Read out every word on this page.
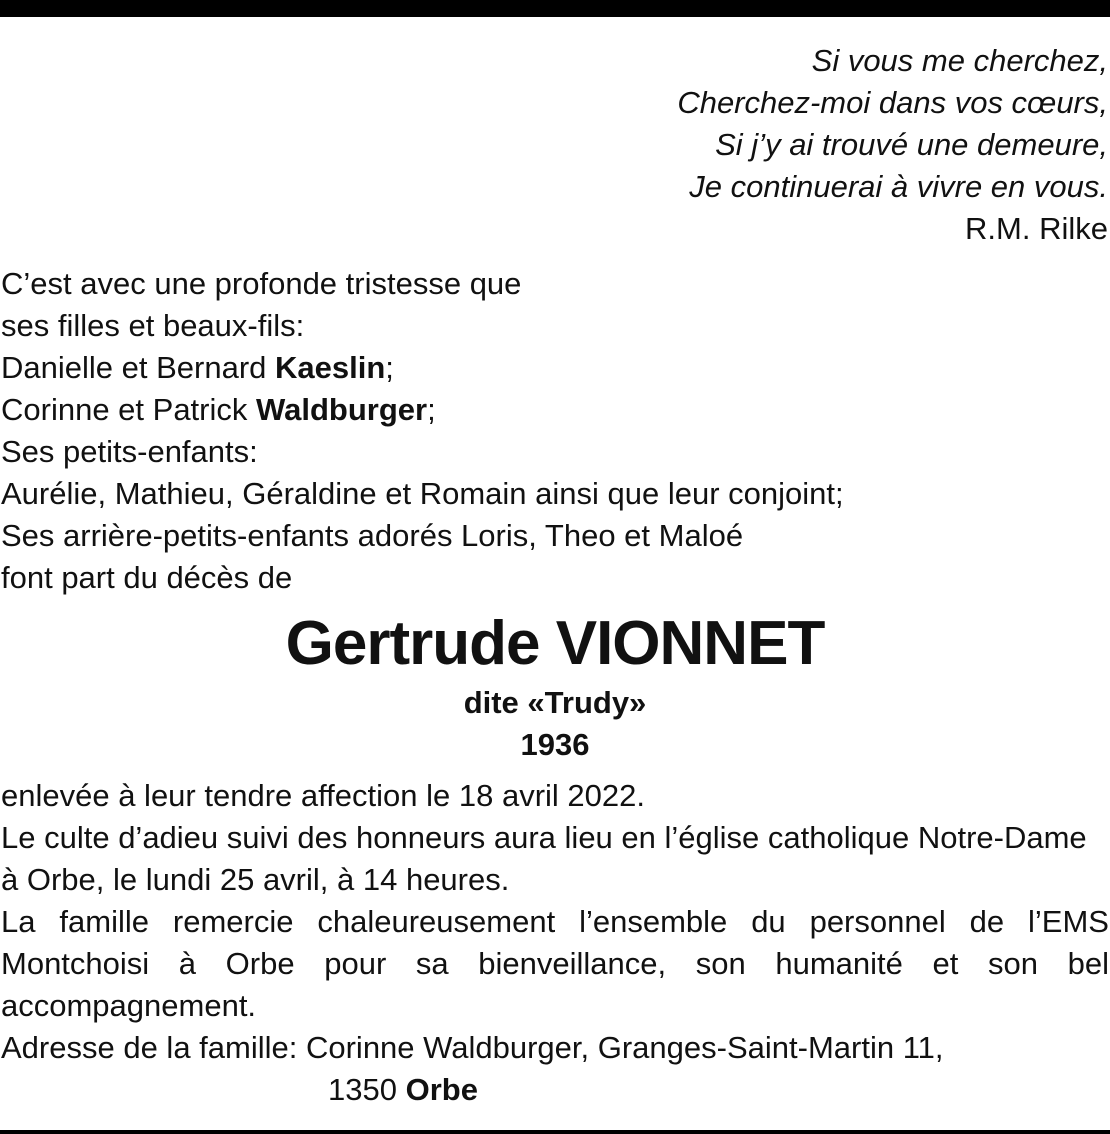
Si vous me cherchez,
Cherchez-moi dans vos cœurs,
Si j’y ai trouvé une demeure,
Je continuerai à vivre en vous.
R.M. Rilke
C’est avec une profonde tristesse que
ses filles et beaux-fils:
Danielle et Bernard Kaeslin;
Corinne et Patrick Waldburger;
Ses petits-enfants:
Aurélie, Mathieu, Géraldine et Romain ainsi que leur conjoint;
Ses arrière-petits-enfants adorés Loris, Theo et Maloé
font part du décès de
Gertrude VIONNET
dite «Trudy»
1936
enlevée à leur tendre affection le 18 avril 2022.
Le culte d’adieu suivi des honneurs aura lieu en l’église catholique Notre-Dame
à Orbe, le lundi 25 avril, à 14 heures.
La famille remercie chaleureusement l’ensemble du personnel de l’EMS
Montchoisi à Orbe pour sa bienveillance, son humanité et son bel
accompagnement.
Adresse de la famille: Corinne Waldburger, Granges-Saint-Martin 11,
1350 Orbe
